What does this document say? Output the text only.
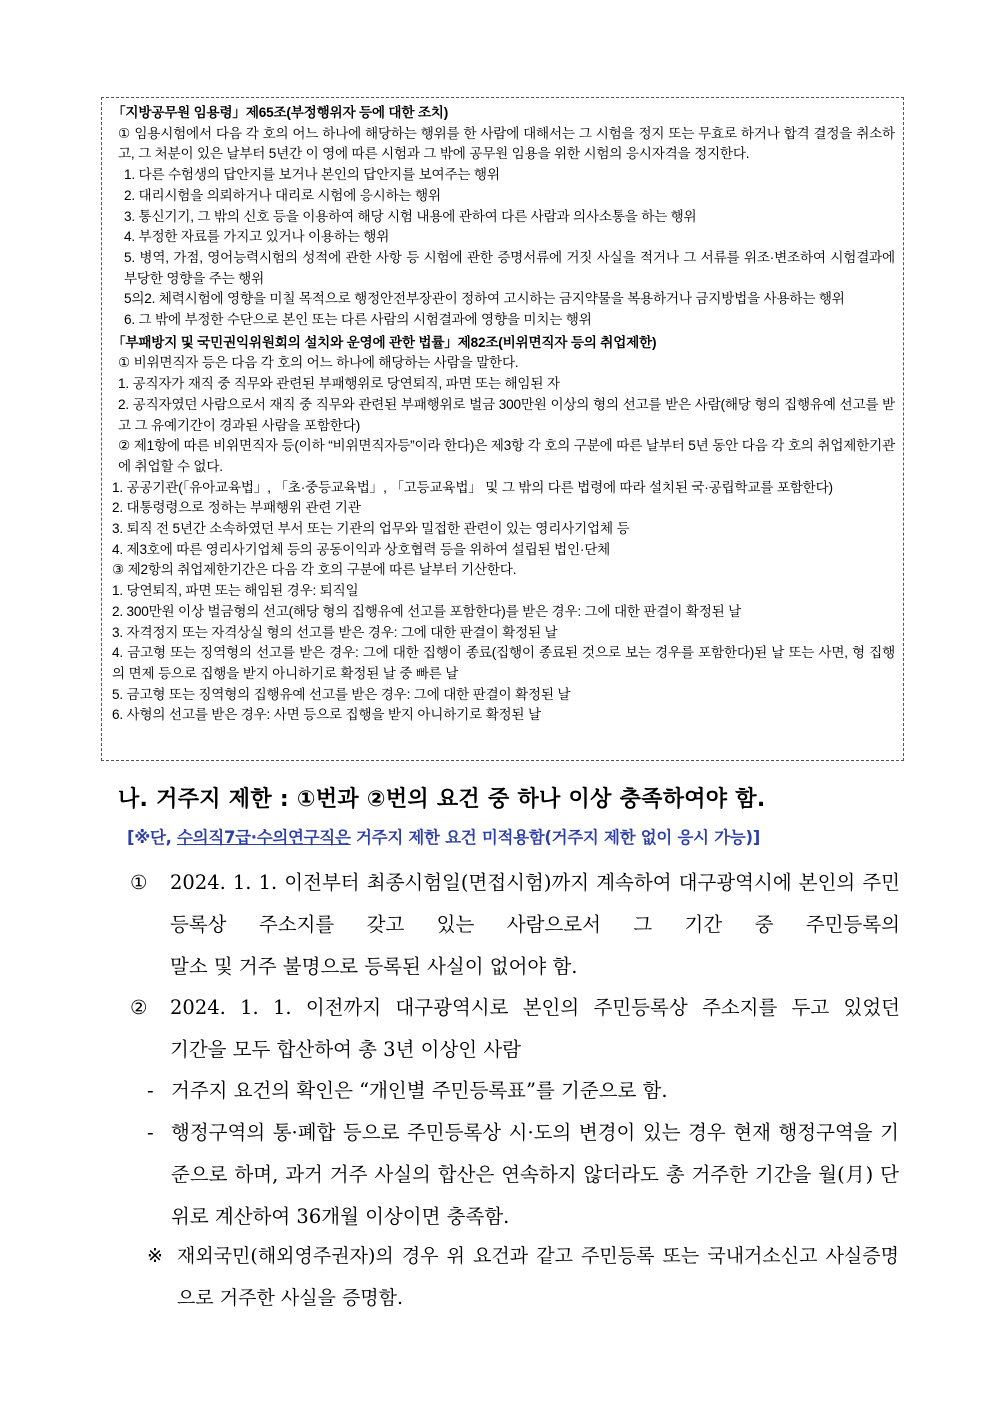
「지방공무원 임용령」제65조(부정행위자 등에 대한 조치)

① 임용시험에서 다음 각 호의 어느 하나에 해당하는 행위를 한 사람에 대해서는 그 시험을 정지 또는 무효로 하거나 합격 결정을 취소하고, 그 처분이 있은 날부터 5년간 이 영에 따른 시험과 그 밖에 공무원 임용을 위한 시험의 응시자격을 정지한다.

1. 다른 수험생의 답안지를 보거나 본인의 답안지를 보여주는 행위

2. 대리시험을 의뢰하거나 대리로 시험에 응시하는 행위

3. 통신기기, 그 밖의 신호 등을 이용하여 해당 시험 내용에 관하여 다른 사람과 의사소통을 하는 행위

4. 부정한 자료를 가지고 있거나 이용하는 행위

5. 병역, 가점, 영어능력시험의 성적에 관한 사항 등 시험에 관한 증명서류에 거짓 사실을 적거나 그 서류를 위조·변조하여 시험결과에 부당한 영향을 주는 행위

5의2. 체력시험에 영향을 미칠 목적으로 행정안전부장관이 정하여 고시하는 금지약물을 복용하거나 금지방법을 사용하는 행위

6. 그 밖에 부정한 수단으로 본인 또는 다른 사람의 시험결과에 영향을 미치는 행위

「부패방지 및 국민권익위원회의 설치와 운영에 관한 법률」제82조(비위면직자 등의 취업제한)

① 비위면직자 등은 다음 각 호의 어느 하나에 해당하는 사람을 말한다.

1. 공직자가 재직 중 직무와 관련된 부패행위로 당연퇴직, 파면 또는 해임된 자

2. 공직자였던 사람으로서 재직 중 직무와 관련된 부패행위로 벌금 300만원 이상의 형의 선고를 받은 사람(해당 형의 집행유예 선고를 받고 그 유예기간이 경과된 사람을 포함한다)

② 제1항에 따른 비위면직자 등(이하 “비위면직자등”이라 한다)은 제3항 각 호의 구분에 따른 날부터 5년 동안 다음 각 호의 취업제한기관에 취업할 수 없다.

1. 공공기관(「유아교육법」, 「초·중등교육법」, 「고등교육법」 및 그 밖의 다른 법령에 따라 설치된 국·공립학교를 포함한다)

2. 대통령령으로 정하는 부패행위 관련 기관

3. 퇴직 전 5년간 소속하였던 부서 또는 기관의 업무와 밀접한 관련이 있는 영리사기업체 등

4. 제3호에 따른 영리사기업체 등의 공동이익과 상호협력 등을 위하여 설립된 법인·단체

③ 제2항의 취업제한기간은 다음 각 호의 구분에 따른 날부터 기산한다.

1. 당연퇴직, 파면 또는 해임된 경우: 퇴직일

2. 300만원 이상 벌금형의 선고(해당 형의 집행유예 선고를 포함한다)를 받은 경우: 그에 대한 판결이 확정된 날

3. 자격정지 또는 자격상실 형의 선고를 받은 경우: 그에 대한 판결이 확정된 날

4. 금고형 또는 징역형의 선고를 받은 경우: 그에 대한 집행이 종료(집행이 종료된 것으로 보는 경우를 포함한다)된 날 또는 사면, 형 집행의 면제 등으로 집행을 받지 아니하기로 확정된 날 중 빠른 날

5. 금고형 또는 징역형의 집행유예 선고를 받은 경우: 그에 대한 판결이 확정된 날

6. 사형의 선고를 받은 경우: 사면 등으로 집행을 받지 아니하기로 확정된 날

나. 거주지 제한 : ①번과 ②번의 요건 중 하나 이상 충족하여야 함.
[※단, 수의직7급·수의연구직은 거주지 제한 요건 미적용함(거주지 제한 없이 응시 가능)]
① 2024. 1. 1. 이전부터 최종시험일(면접시험)까지 계속하여 대구광역시에 본인의 주민등록상 주소지를 갖고 있는 사람으로서 그 기간 중 주민등록의
말소 및 거주 불명으로 등록된 사실이 없어야 함.
② 2024. 1. 1. 이전까지 대구광역시로 본인의 주민등록상 주소지를 두고 있었던
기간을 모두 합산하여 총 3년 이상인 사람
- 거주지 요건의 확인은 “개인별 주민등록표”를 기준으로 함.
- 행정구역의 통·폐합 등으로 주민등록상 시·도의 변경이 있는 경우 현재 행정구역을 기준으로 하며, 과거 거주 사실의 합산은 연속하지 않더라도 총 거주한 기간을 월(月) 단위로 계산하여 36개월 이상이면 충족함.
※ 재외국민(해외영주권자)의 경우 위 요건과 같고 주민등록 또는 국내거소신고 사실증명으로 거주한 사실을 증명함.
